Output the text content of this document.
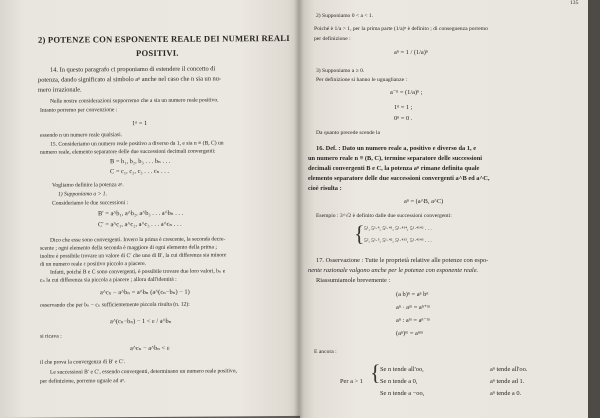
2) POTENZE CON ESPONENTE REALE DEI NUMERI REALI
POSITIVI.
14. In questo paragrafo ci proponiamo di estendere il concetto di
potenza, dando significato al simbolo aⁿ anche nel caso che n sia un nu-
mero irrazionale.
Nelle nostre considerazioni supporremo che a sia un numero reale positivo.
Intanto porremo per convenzione :
1ⁿ = 1
essendo n un numero reale qualsiasi.
15. Consideriamo un numero reale positivo a diverso da 1, e sia n ≡ (B, C) un
numero reale, elemento separatore delle due successioni decimali convergenti:
B = b₁, b₂, b₃ . . . bₙ . . .
C = c₁, c₂, c₃ . . . cₙ . . .
Vogliamo definire la potenza aⁿ.
1) Supponiamo a > 1.
Consideriamo le due successioni :
B′ = a^b₁, a^b₂, a^b₃ . . . a^bₙ . . .
C′ = a^c₁, a^c₂, a^c₃ . . . a^cₙ . . .
Dico che esse sono convergenti. Invero la prima è crescente, la seconda decre-
scente ; ogni elemento della seconda è maggiore di ogni elemento della prima ;
inoltre è possibile trovare un valore di C′ che uno di B′, la cui differenza sia minore
di un numero reale ε positivo piccolo a piacere.
Infatti, poiché B e C sono convergenti, è possibile trovare due loro valori, bₙ e
cₙ la cui differenza sia piccola a piacere ; allora dall'identità :
a^cₙ − a^bₙ = a^bₙ (a^(cₙ−bₙ) − 1)
osservando che per bₙ − cₙ sufficientemente piccola risulta (n. 12):
a^(cₙ−bₙ) − 1 < ε / a^bₙ
si ricava :
a^cₙ − a^bₙ < ε
il che prova la convergenza di B′ e C′.
Le successioni B′ e C′, essendo convergenti, determinano un numero reale positivo,
per definizione, porremo uguale ad aⁿ.
135
2) Supponiamo 0 < a < 1.
Poiché è 1/a > 1, per la prima parte (1/a)ⁿ è definito ; di conseguenza porremo
per definizione :
aⁿ = 1 / (1/a)ⁿ
3) Supponiamo a ≥ 0.
Per definizione si hanno le uguaglianze :
a⁻ⁿ = (1/a)ⁿ ;
1ⁿ = 1 ;
0ⁿ = 0 .
Da quanto precede scende la
16. Def. : Dato un numero reale a, positivo e diverso da 1, e
un numero reale n ≡ (B, C), termine separatore delle successioni
decimali convergenti B e C, la potenza aⁿ rimane definita quale
elemento separatore delle due successioni convergenti a^B ed a^C,
cioè risulta :
aⁿ = (a^B, a^C)
Esempio : 3^√2 è definito dalle due successioni convergenti:
{ 5¹, 5¹·⁴, 5¹·⁴¹, 5¹·⁴¹⁴, 5¹·⁴¹⁴² . . .
5², 5¹·⁵, 5¹·⁴², 5¹·⁴¹⁵, 5¹·⁴¹⁴³ . . .
17. Osservazione : Tutte le proprietà relative alle potenze con espo-
nente razionale valgono anche per le potenze con esponente reale.
Riassumiamole brevemente :
(a b)ⁿ = aⁿ bⁿ
aⁿ · aᵐ = aⁿ⁺ᵐ
aⁿ : aᵐ = aⁿ⁻ᵐ
(aⁿ)ᵐ = aⁿᵐ
E ancora :
Per a > 1 { Se n tende all'oo,
Se n tende a 0,
Se n tende a −oo,
aⁿ tende all'oo.
aⁿ tende ad 1.
aⁿ tende a 0.
